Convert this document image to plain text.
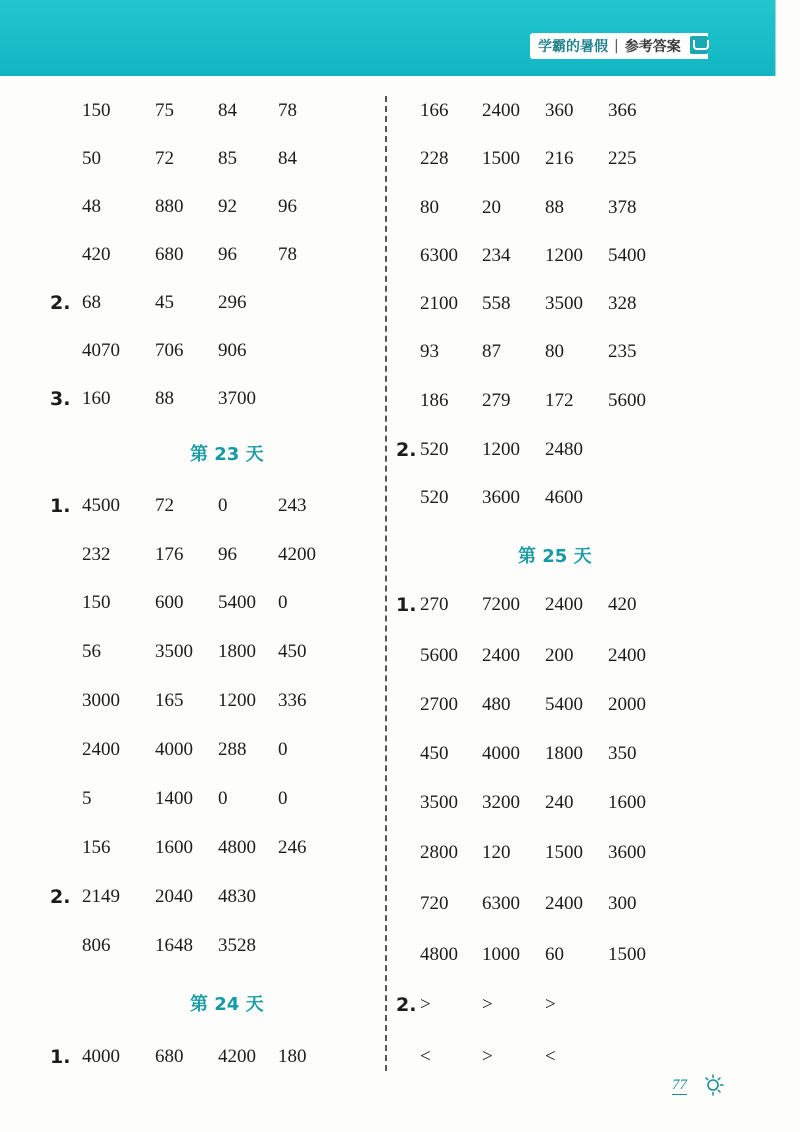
学霸的暑假 | 参考答案
150 75 84 78
50	72 85 84
48	880 92 96
420 680 96 78
2. 68	45 296
4070 706 906
3. 160 88 3700
第 23 天
1. 4500 72 0	243
232 176 96 4200
150 600 5400 0
56	3500 1800 450
3000 165 1200 336
2400 4000 288 0
5	1400 0	0
156 1600 4800 246
2. 2149 2040 4830
806 1648 3528
第 24 天
1. 4000 680 4200 180
166 2400 360 366
228 1500 216 225
80 20 88 378
6300 234 1200 5400
2100 558 3500 328
93 87 80 235
186 279 172 5600
2. 520 1200 2480
520 3600 4600
第 25 天
1. 270 7200 2400 420
5600 2400 200 2400
2700 480 5400 2000
450 4000 1800 350
3500 3200 240 1600
2800 120 1500 3600
720 6300 2400 300
4800 1000 60 1500
2. >	>	>
<	>	<
77
